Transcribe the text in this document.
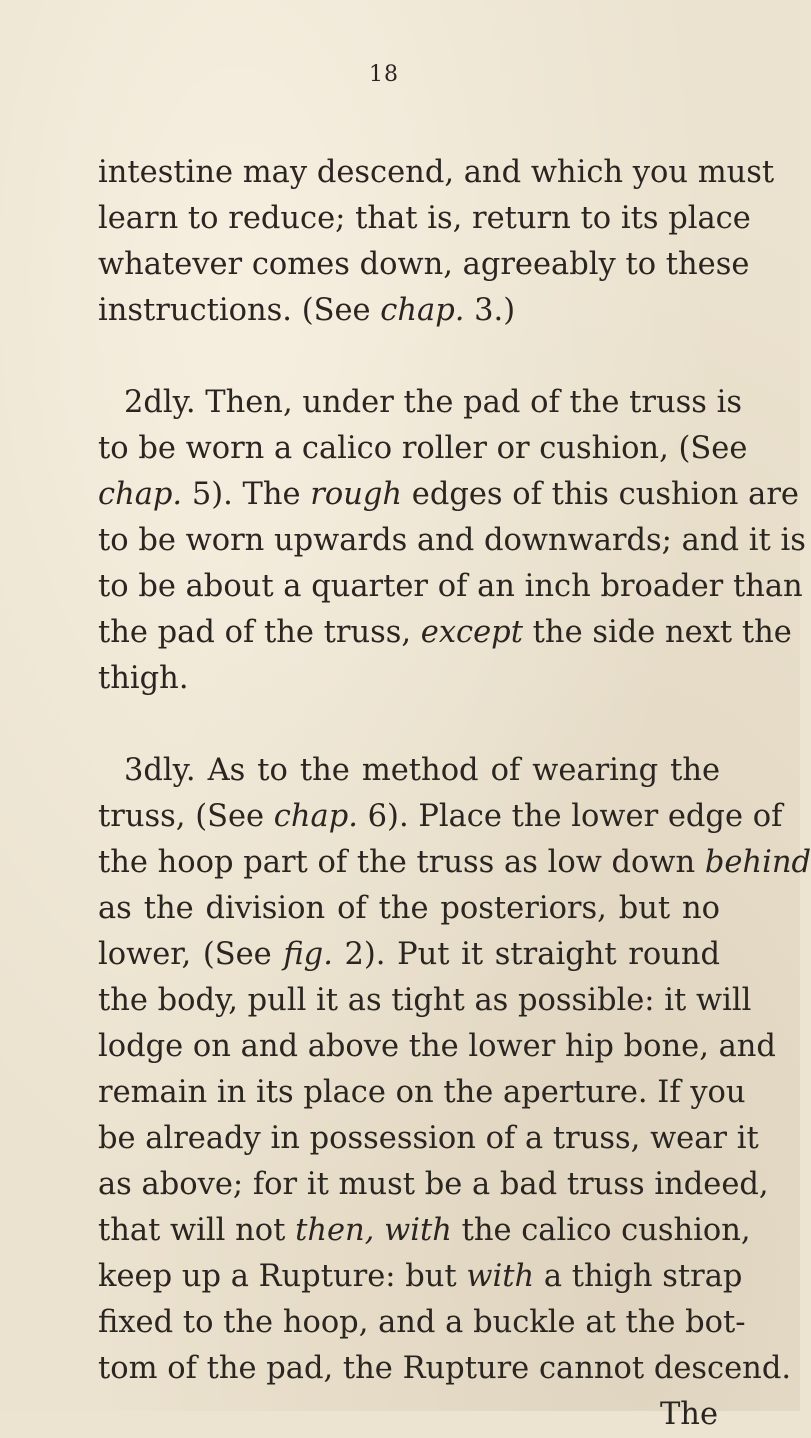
18

intestine may descend, and which you must
learn to reduce; that is, return to its place
whatever comes down, agreeably to these
instructions. (See chap. 3.)

2dly. Then, under the pad of the truss is
to be worn a calico roller or cushion, (See
chap. 5). The rough edges of this cushion are
to be worn upwards and downwards; and it is
to be about a quarter of an inch broader than
the pad of the truss, except the side next the
thigh.

3dly. As to the method of wearing the
truss, (See chap. 6). Place the lower edge of
the hoop part of the truss as low down behind
as the division of the posteriors, but no
lower, (See fig. 2). Put it straight round
the body, pull it as tight as possible: it will
lodge on and above the lower hip bone, and
remain in its place on the aperture. If you
be already in possession of a truss, wear it
as above; for it must be a bad truss indeed,
that will not then, with the calico cushion,
keep up a Rupture: but with a thigh strap
fixed to the hoop, and a buckle at the bot-
tom of the pad, the Rupture cannot descend.
The
